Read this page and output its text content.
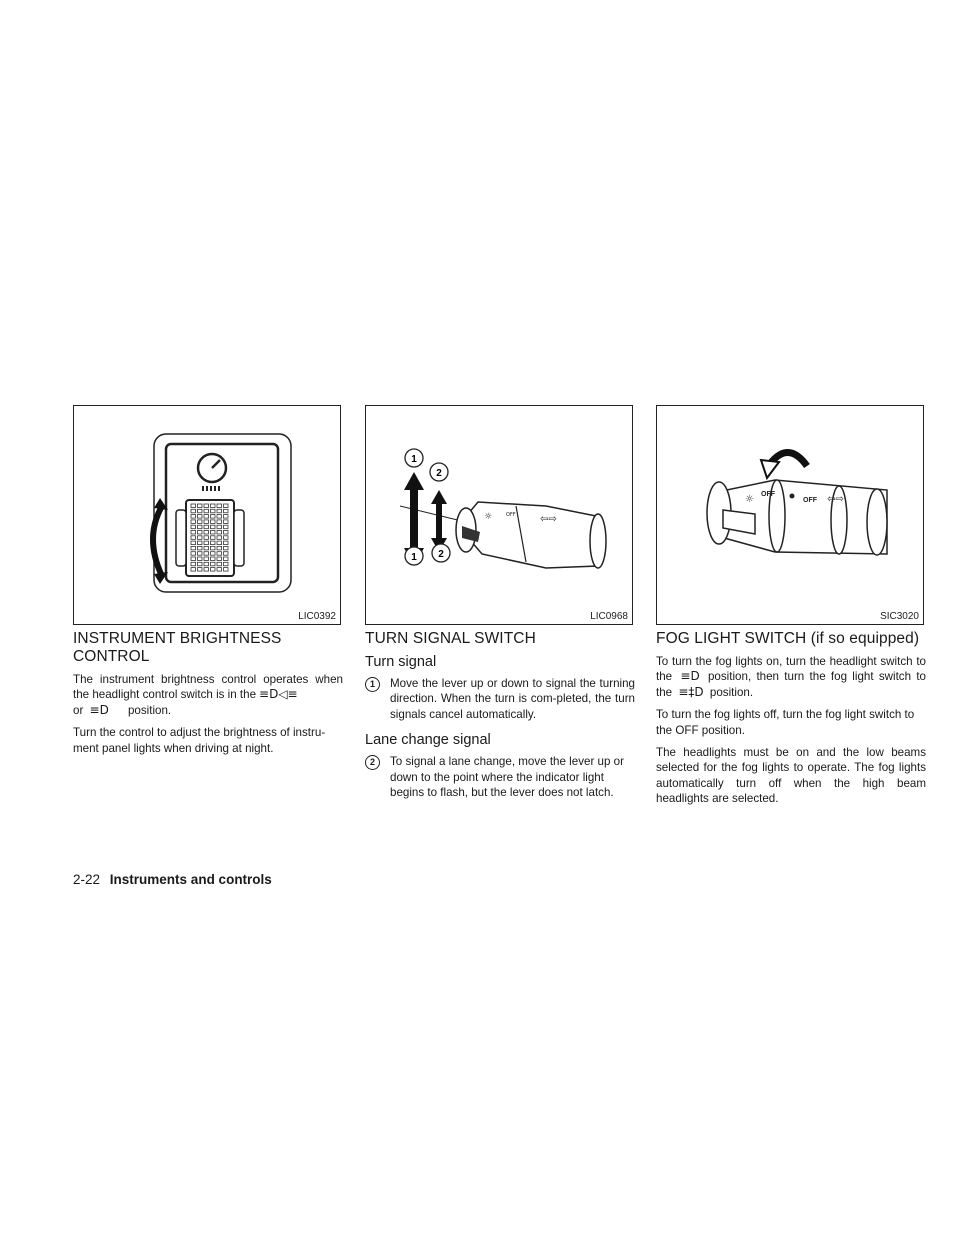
LIC0392
INSTRUMENT BRIGHTNESS CONTROL

The instrument brightness control operates when the headlight control switch is in the ≡D◁≡
or ≡D position.

Turn the control to adjust the brightness of instru-ment panel lights when driving at night.

☼	OFF ⇦⇨
1
2
1 2
LIC0968
TURN SIGNAL SWITCH
Turn signal
1	Move the lever up or down to signal the turning direction. When the turn is com-pleted, the turn signals cancel automatically.

Lane change signal
2	To signal a lane change, move the lever up or down to the point where the indicator light begins to flash, but the lever does not latch.

☼ OFF
OFF ⇦⇨
SIC3020
FOG LIGHT SWITCH (if so equipped)

To turn the fog lights on, turn the headlight switch to the ≡D position, then turn the fog light switch to the ≡‡D position.

To turn the fog lights off, turn the fog light switch to the OFF position.

The headlights must be on and the low beams selected for the fog lights to operate. The fog lights automatically turn off when the high beam headlights are selected.

2-22 Instruments and controls
